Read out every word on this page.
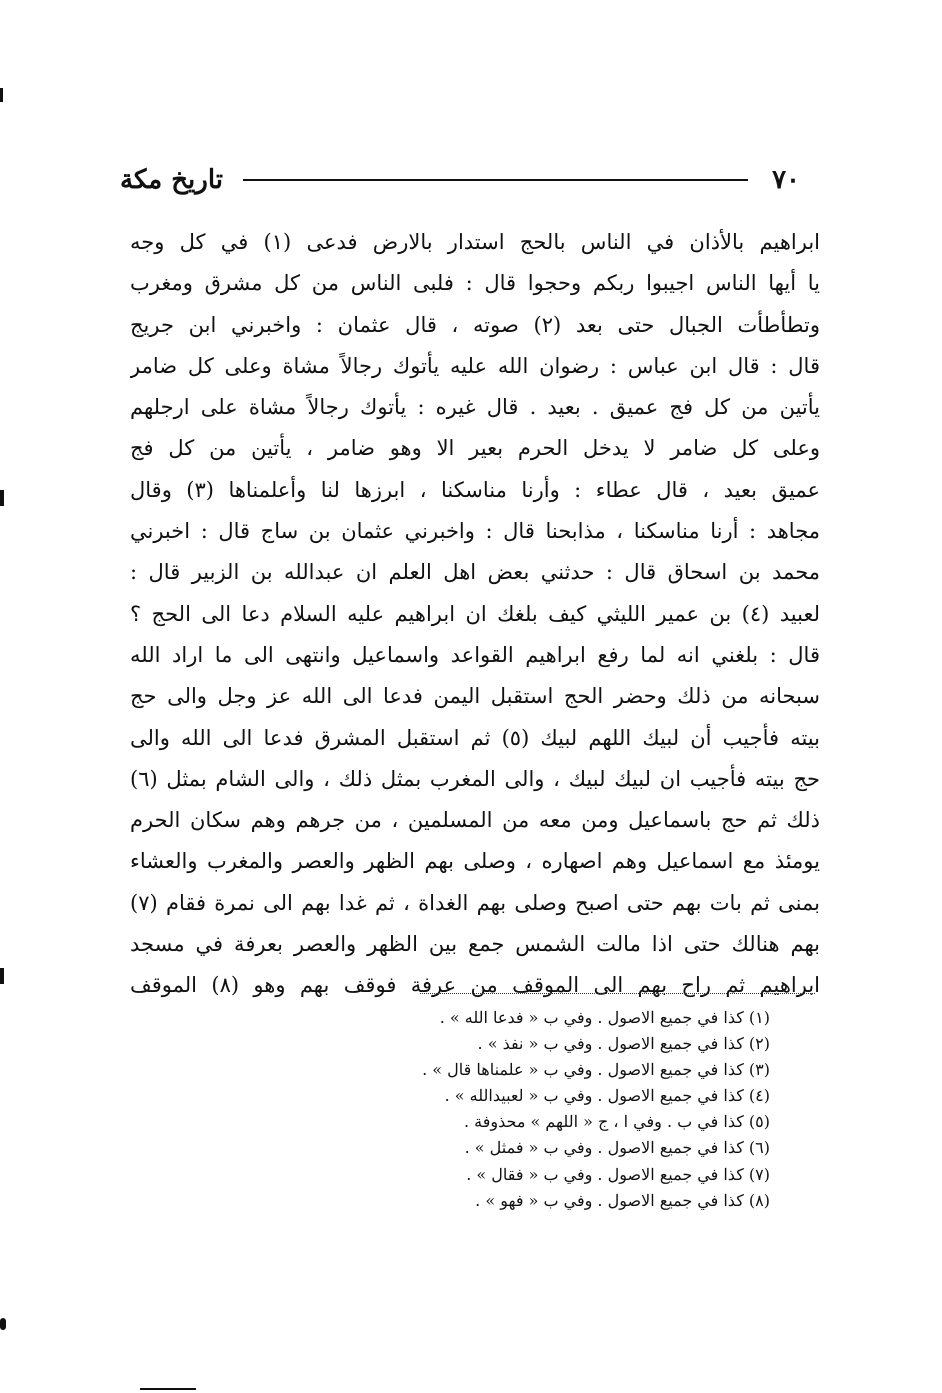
٧٠
تاريخ مكة
ابراهيم بالأذان في الناس بالحج استدار بالارض فدعى (١) في كل وجه
يا أيها الناس اجيبوا ربكم وحجوا قال : فلبى الناس من كل مشرق ومغرب
وتطأطأت الجبال حتى بعد (٢) صوته ، قال عثمان : واخبرني ابن جريج
قال : قال ابن عباس : رضوان الله عليه يأتوك رجالاً مشاة وعلى كل ضامر
يأتين من كل فج عميق . بعيد . قال غيره : يأتوك رجالاً مشاة على ارجلهم
وعلى كل ضامر لا يدخل الحرم بعير الا وهو ضامر ، يأتين من كل فج
عميق بعيد ، قال عطاء : وأرنا مناسكنا ، ابرزها لنا وأعلمناها (٣) وقال
مجاهد : أرنا مناسكنا ، مذابحنا قال : واخبرني عثمان بن ساج قال : اخبرني
محمد بن اسحاق قال : حدثني بعض اهل العلم ان عبدالله بن الزبير قال :
لعبيد (٤) بن عمير الليثي كيف بلغك ان ابراهيم عليه السلام دعا الى الحج ؟
قال : بلغني انه لما رفع ابراهيم القواعد واسماعيل وانتهى الى ما اراد الله
سبحانه من ذلك وحضر الحج استقبل اليمن فدعا الى الله عز وجل والى حج
بيته فأجيب أن لبيك اللهم لبيك (٥) ثم استقبل المشرق فدعا الى الله والى
حج بيته فأجيب ان لبيك لبيك ، والى المغرب بمثل ذلك ، والى الشام بمثل (٦)
ذلك ثم حج باسماعيل ومن معه من المسلمين ، من جرهم وهم سكان الحرم
يومئذ مع اسماعيل وهم اصهاره ، وصلى بهم الظهر والعصر والمغرب والعشاء
بمنى ثم بات بهم حتى اصبح وصلى بهم الغداة ، ثم غدا بهم الى نمرة فقام (٧)
بهم هنالك حتى اذا مالت الشمس جمع بين الظهر والعصر بعرفة في مسجد
ابراهيم ثم راح بهم الى الموقف من عرفة فوقف بهم وهو (٨) الموقف
(١) كذا في جميع الاصول . وفي ب « فدعا الله » .
(٢) كذا في جميع الاصول . وفي ب « نفذ » .
(٣) كذا في جميع الاصول . وفي ب « علمناها قال » .
(٤) كذا في جميع الاصول . وفي ب « لعبيدالله » .
(٥) كذا في ب . وفي ا ، ج « اللهم » محذوفة .
(٦) كذا في جميع الاصول . وفي ب « فمثل » .
(٧) كذا في جميع الاصول . وفي ب « فقال » .
(٨) كذا في جميع الاصول . وفي ب « فهو » .
